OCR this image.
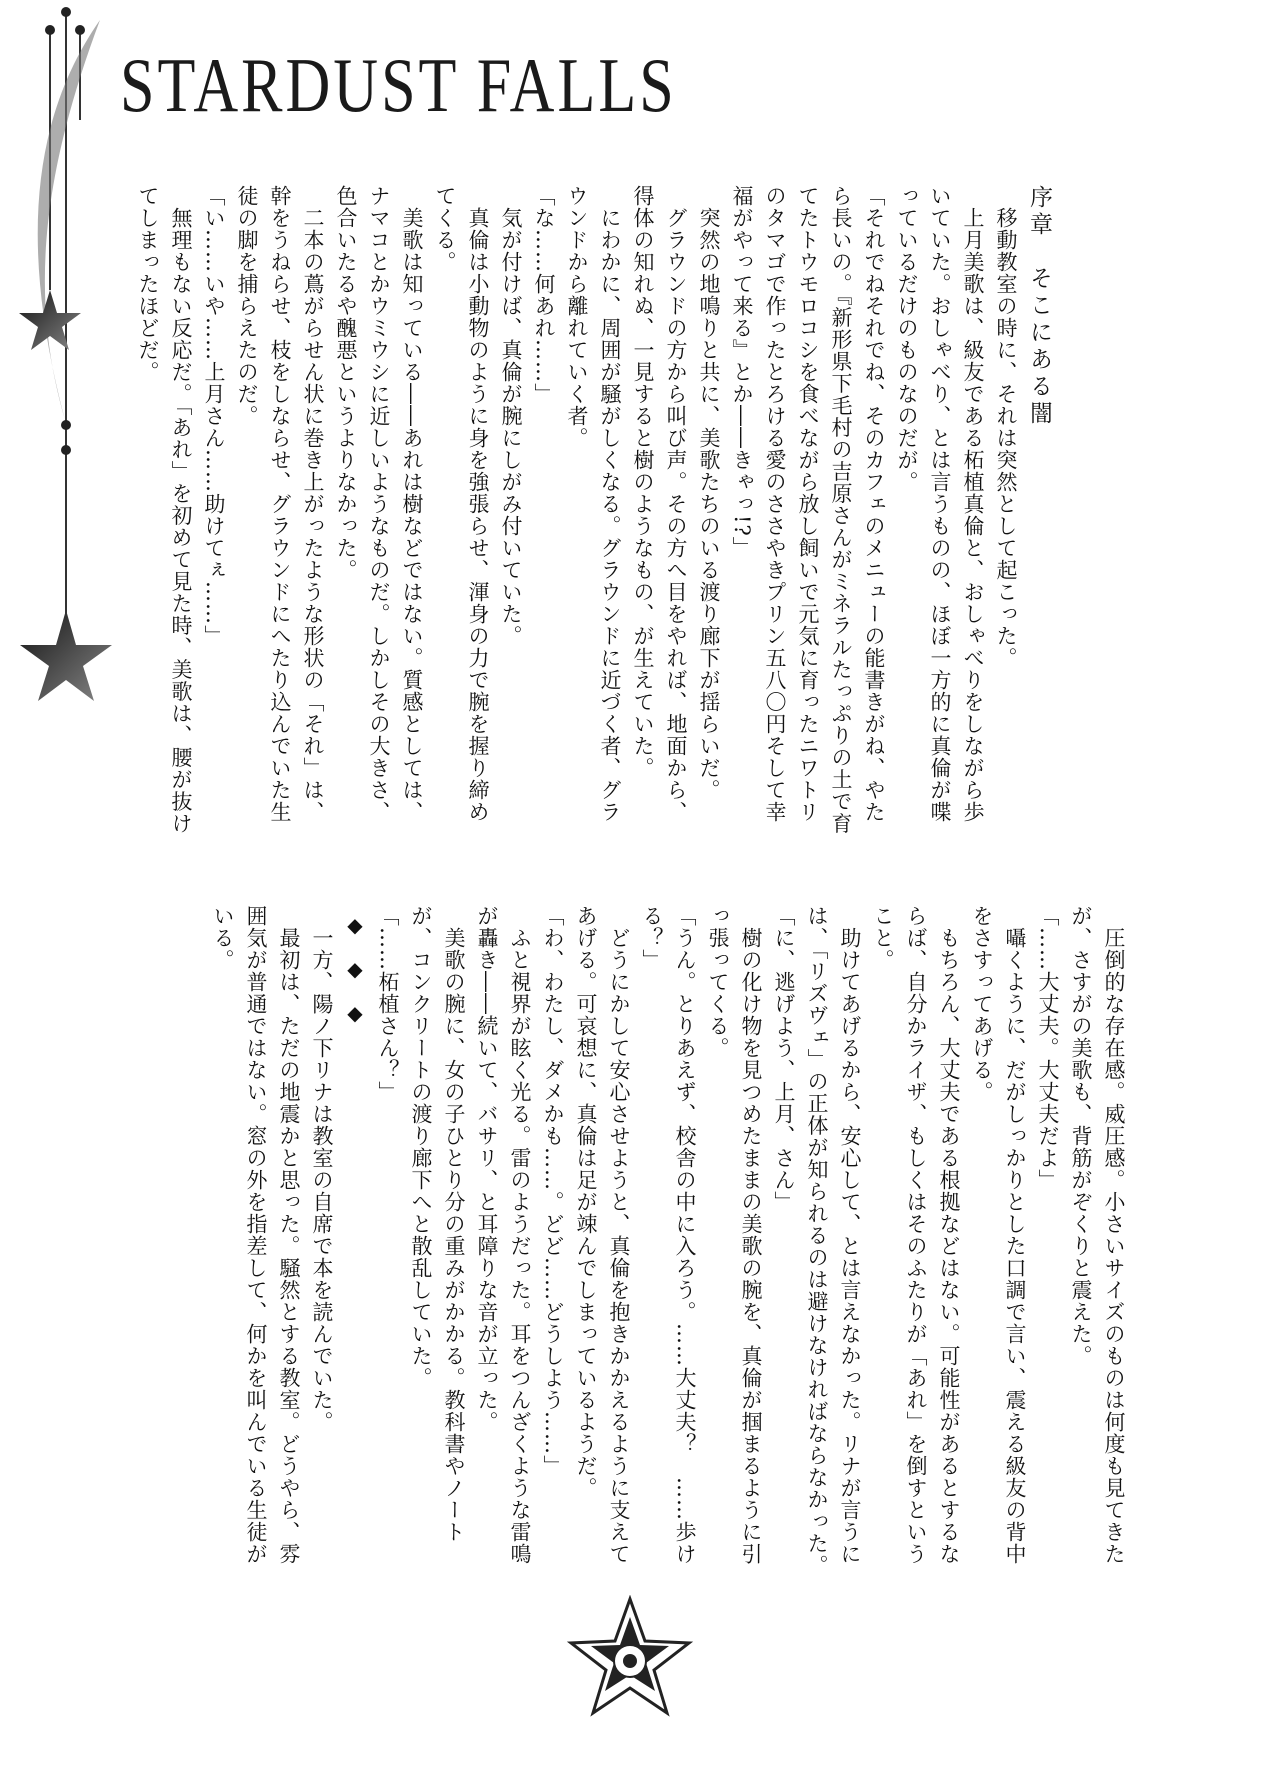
STARDUST FALLS

序章　そこにある闇

　移動教室の時に、それは突然として起こった。

　上月美歌は、級友である柘植真倫と、おしゃべりをしながら歩いていた。おしゃべり、とは言うものの、ほぼ一方的に真倫が喋っているだけのものなのだが。

「それでねそれでね、そのカフェのメニューの能書きがね、やたら長いの。『新形県下毛村の吉原さんがミネラルたっぷりの土で育てたトウモロコシを食べながら放し飼いで元気に育ったニワトリのタマゴで作ったとろける愛のささやきプリン五八〇円そして幸福がやって来る』とか――きゃっ!?」

　突然の地鳴りと共に、美歌たちのいる渡り廊下が揺らいだ。

　グラウンドの方から叫び声。その方へ目をやれば、地面から、得体の知れぬ、一見すると樹のようなもの、が生えていた。

　にわかに、周囲が騒がしくなる。グラウンドに近づく者、グラウンドから離れていく者。

「な……何あれ……」

　気が付けば、真倫が腕にしがみ付いていた。

　真倫は小動物のように身を強張らせ、渾身の力で腕を握り締めてくる。

　美歌は知っている――あれは樹などではない。質感としては、ナマコとかウミウシに近しいようなものだ。しかしその大きさ、色合いたるや醜悪というよりなかった。

　二本の蔦がらせん状に巻き上がったような形状の「それ」は、幹をうねらせ、枝をしならせ、グラウンドにへたり込んでいた生徒の脚を捕らえたのだ。

「い……いや……上月さん……助けてぇ……」

　無理もない反応だ。「あれ」を初めて見た時、美歌は、腰が抜けてしまったほどだ。

　圧倒的な存在感。威圧感。小さいサイズのものは何度も見てきたが、さすがの美歌も、背筋がぞくりと震えた。

「……大丈夫。大丈夫だよ」

　囁くように、だがしっかりとした口調で言い、震える級友の背中をさすってあげる。

　もちろん、大丈夫である根拠などはない。可能性があるとするならば、自分かライザ、もしくはそのふたりが「あれ」を倒すということ。

　助けてあげるから、安心して、とは言えなかった。リナが言うには、「リズヴェ」の正体が知られるのは避けなければならなかった。

「に、逃げよう、上月、さん」

　樹の化け物を見つめたままの美歌の腕を、真倫が掴まるように引っ張ってくる。

「うん。とりあえず、校舎の中に入ろう。……大丈夫？　……歩ける？」

　どうにかして安心させようと、真倫を抱きかかえるように支えてあげる。可哀想に、真倫は足が竦んでしまっているようだ。

「わ、わたし、ダメかも……。どど……どうしよう……」

　ふと視界が眩く光る。雷のようだった。耳をつんざくような雷鳴が轟き――続いて、バサリ、と耳障りな音が立った。

　美歌の腕に、女の子ひとり分の重みがかかる。教科書やノートが、コンクリートの渡り廊下へと散乱していた。

「……柘植さん？」

◆◆◆

　一方、陽ノ下リナは教室の自席で本を読んでいた。

　最初は、ただの地震かと思った。騒然とする教室。どうやら、雰囲気が普通ではない。窓の外を指差して、何かを叫んでいる生徒がいる。
